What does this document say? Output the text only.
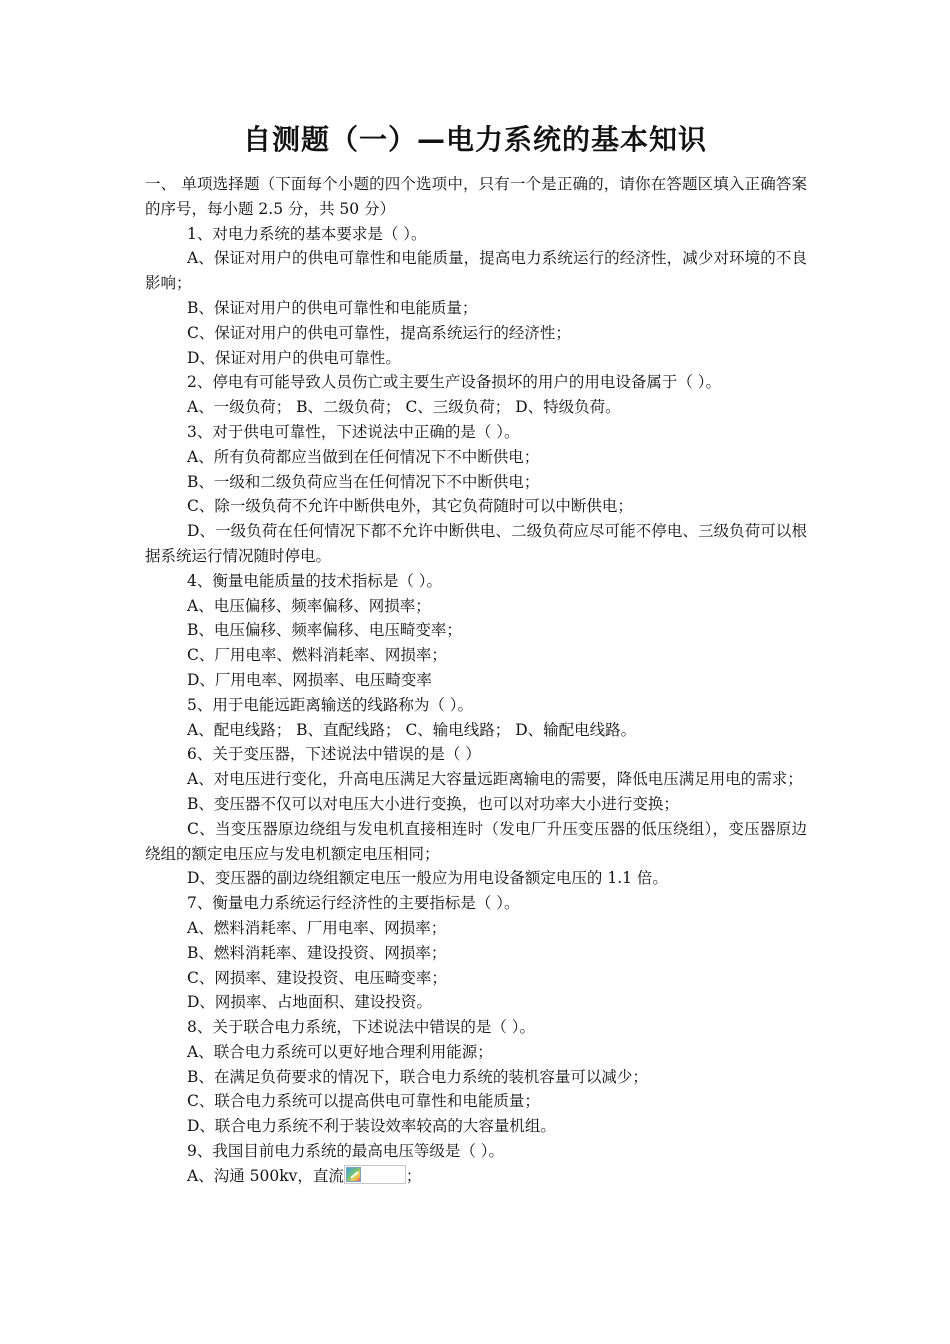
自测题（一）—电力系统的基本知识

一、 单项选择题（下面每个小题的四个选项中，只有一个是正确的，请你在答题区填入正确答案的序号，每小题 2.5 分，共 50 分）

1、对电力系统的基本要求是（ ）。

A、保证对用户的供电可靠性和电能质量，提高电力系统运行的经济性，减少对环境的不良影响；

B、保证对用户的供电可靠性和电能质量；

C、保证对用户的供电可靠性，提高系统运行的经济性；

D、保证对用户的供电可靠性。

2、停电有可能导致人员伤亡或主要生产设备损坏的用户的用电设备属于（ ）。

A、一级负荷； B、二级负荷； C、三级负荷； D、特级负荷。

3、对于供电可靠性，下述说法中正确的是（ ）。

A、所有负荷都应当做到在任何情况下不中断供电；

B、一级和二级负荷应当在任何情况下不中断供电；

C、除一级负荷不允许中断供电外，其它负荷随时可以中断供电；

D、一级负荷在任何情况下都不允许中断供电、二级负荷应尽可能不停电、三级负荷可以根据系统运行情况随时停电。

4、衡量电能质量的技术指标是（ ）。

A、电压偏移、频率偏移、网损率；

B、电压偏移、频率偏移、电压畸变率；

C、厂用电率、燃料消耗率、网损率；

D、厂用电率、网损率、电压畸变率

5、用于电能远距离输送的线路称为（ ）。

A、配电线路； B、直配线路； C、输电线路； D、输配电线路。

6、关于变压器，下述说法中错误的是（ ）

A、对电压进行变化，升高电压满足大容量远距离输电的需要，降低电压满足用电的需求；

B、变压器不仅可以对电压大小进行变换，也可以对功率大小进行变换；

C、当变压器原边绕组与发电机直接相连时（发电厂升压变压器的低压绕组），变压器原边绕组的额定电压应与发电机额定电压相同；

D、变压器的副边绕组额定电压一般应为用电设备额定电压的 1.1 倍。

7、衡量电力系统运行经济性的主要指标是（ ）。

A、燃料消耗率、厂用电率、网损率；

B、燃料消耗率、建设投资、网损率；

C、网损率、建设投资、电压畸变率；

D、网损率、占地面积、建设投资。

8、关于联合电力系统，下述说法中错误的是（ ）。

A、联合电力系统可以更好地合理利用能源；

B、在满足负荷要求的情况下，联合电力系统的装机容量可以减少；

C、联合电力系统可以提高供电可靠性和电能质量；

D、联合电力系统不利于装设效率较高的大容量机组。

9、我国目前电力系统的最高电压等级是（ ）。

A、沟通 500kv，直流	；
